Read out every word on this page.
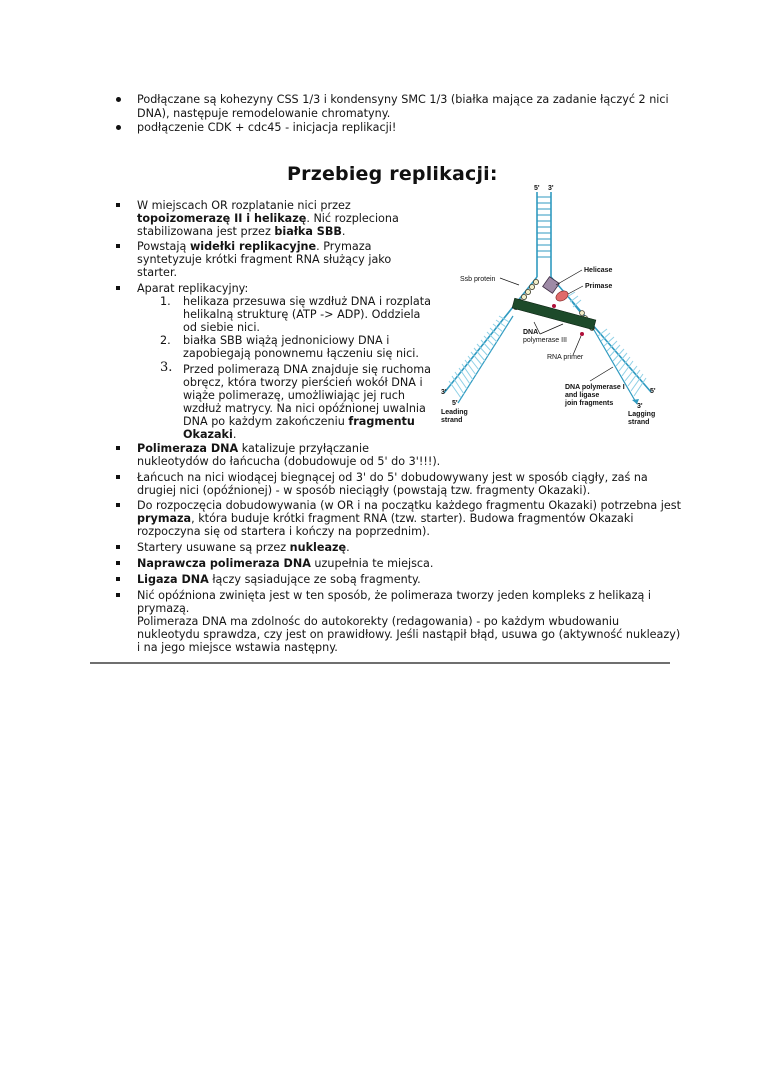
Podłączane są kohezyny CSS 1/3 i kondensyny SMC 1/3 (białka mające za zadanie łączyć 2 nici
DNA), następuje remodelowanie chromatyny.
podłączenie CDK + cdc45 - inicjacja replikacji!
Przebieg replikacji:
W miejscach OR rozplatanie nici przez
topoizomerazę II i helikazę. Nić rozpleciona
stabilizowana jest przez białka SBB.
Powstają widełki replikacyjne. Prymaza
syntetyzuje krótki fragment RNA służący jako
starter.
Aparat replikacyjny:
1. helikaza przesuwa się wzdłuż DNA i rozplata
helikalną strukturę (ATP -> ADP). Oddziela
od siebie nici.
2. białka SBB wiążą jednoniciowy DNA i
zapobiegają ponownemu łączeniu się nici.
3. Przed polimerazą DNA znajduje się ruchoma
obręcz, która tworzy pierścień wokół DNA i
wiąże polimerazę, umożliwiając jej ruch
wzdłuż matrycy. Na nici opóźnionej uwalnia
DNA po każdym zakończeniu fragmentu
Okazaki.
Polimeraza DNA katalizuje przyłączanie
nukleotydów do łańcucha (dobudowuje od 5' do 3'!!!).
Łańcuch na nici wiodącej biegnącej od 3' do 5' dobudowywany jest w sposób ciągły, zaś na
drugiej nici (opóźnionej) - w sposób nieciągły (powstają tzw. fragmenty Okazaki).
Do rozpoczęcia dobudowywania (w OR i na początku każdego fragmentu Okazaki) potrzebna jest
prymaza, która buduje krótki fragment RNA (tzw. starter). Budowa fragmentów Okazaki
rozpoczyna się od startera i kończy na poprzednim).
Startery usuwane są przez nukleazę.
Naprawcza polimeraza DNA uzupełnia te miejsca.
Ligaza DNA łączy sąsiadujące ze sobą fragmenty.
Nić opóźniona zwinięta jest w ten sposób, że polimeraza tworzy jeden kompleks z helikazą i
prymazą.
Polimeraza DNA ma zdolnośc do autokorekty (redagowania) - po każdym wbudowaniu
nukleotydu sprawdza, czy jest on prawidłowy. Jeśli nastąpił błąd, usuwa go (aktywność nukleazy)
i na jego miejsce wstawia następny.
5' 3'
Helicase
Primase
Ssb protein
DNA
polymerase III
RNA primer
DNA polymerase I
and ligase
join fragments
3'
5'
Leading
strand
5'
3'
Lagging
strand
